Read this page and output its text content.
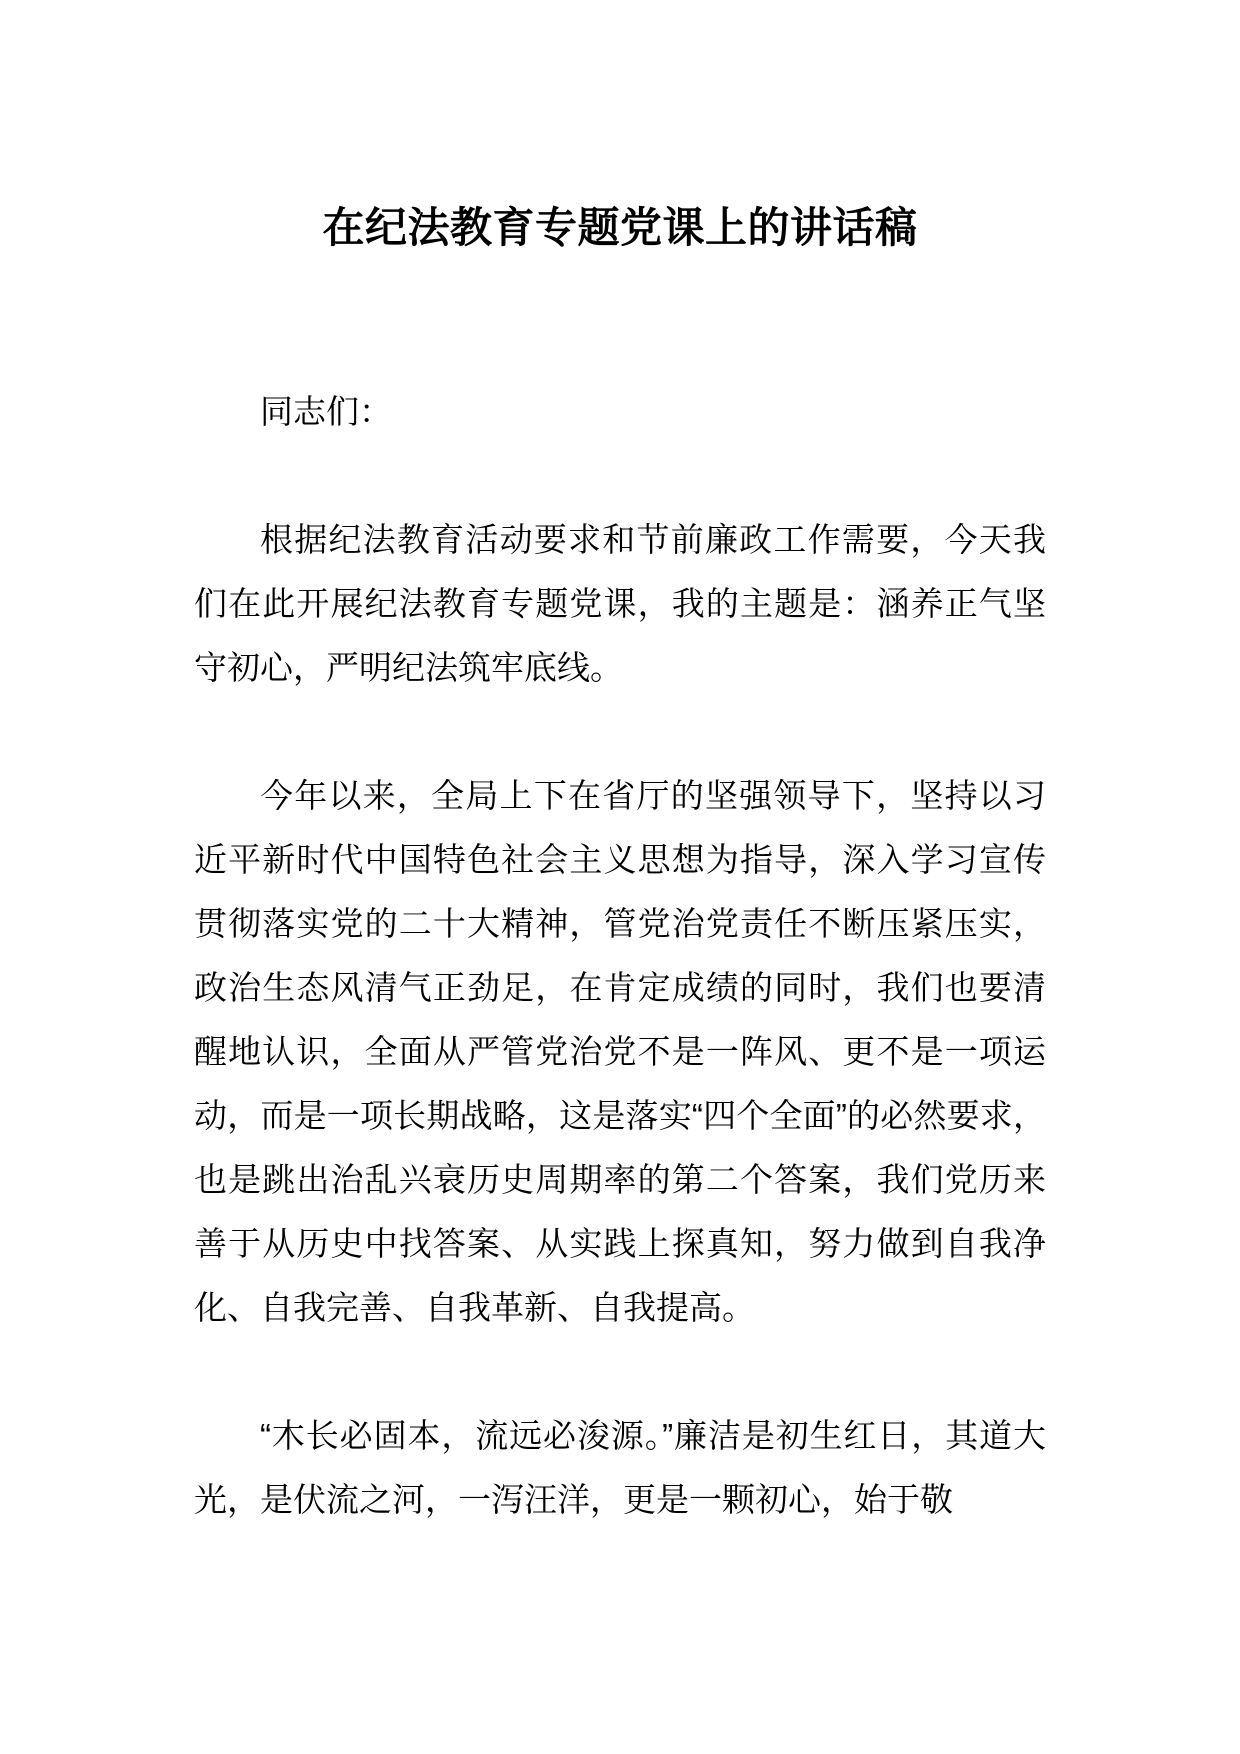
在纪法教育专题党课上的讲话稿

同志们：

根据纪法教育活动要求和节前廉政工作需要，今天我们在此开展纪法教育专题党课，我的主题是：涵养正气坚守初心，严明纪法筑牢底线。

今年以来，全局上下在省厅的坚强领导下，坚持以习近平新时代中国特色社会主义思想为指导，深入学习宣传贯彻落实党的二十大精神，管党治党责任不断压紧压实，政治生态风清气正劲足，在肯定成绩的同时，我们也要清醒地认识，全面从严管党治党不是一阵风、更不是一项运动，而是一项长期战略，这是落实“四个全面”的必然要求，也是跳出治乱兴衰历史周期率的第二个答案，我们党历来善于从历史中找答案、从实践上探真知，努力做到自我净化、自我完善、自我革新、自我提高。

“木长必固本，流远必浚源。”廉洁是初生红日，其道大光，是伏流之河，一泻汪洋，更是一颗初心，始于敬
